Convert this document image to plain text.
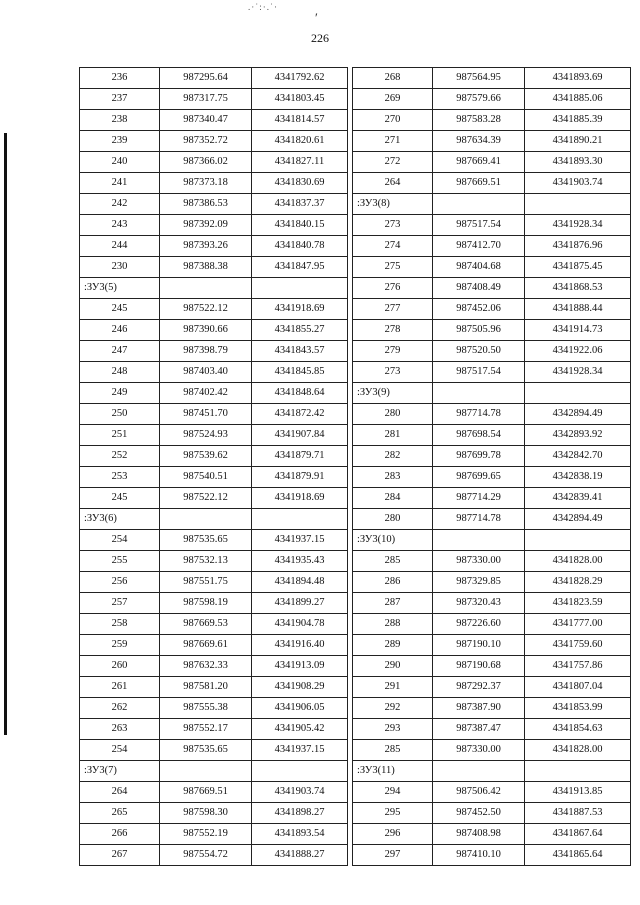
.·˙:·.˙·
ʹ
226
236	987295.64	4341792.62
237	987317.75	4341803.45
238	987340.47	4341814.57
239	987352.72	4341820.61
240	987366.02	4341827.11
241	987373.18	4341830.69
242	987386.53	4341837.37
243	987392.09	4341840.15
244	987393.26	4341840.78
230	987388.38	4341847.95
:ЗУ3(5)		
245	987522.12	4341918.69
246	987390.66	4341855.27
247	987398.79	4341843.57
248	987403.40	4341845.85
249	987402.42	4341848.64
250	987451.70	4341872.42
251	987524.93	4341907.84
252	987539.62	4341879.71
253	987540.51	4341879.91
245	987522.12	4341918.69
:ЗУ3(6)		
254	987535.65	4341937.15
255	987532.13	4341935.43
256	987551.75	4341894.48
257	987598.19	4341899.27
258	987669.53	4341904.78
259	987669.61	4341916.40
260	987632.33	4341913.09
261	987581.20	4341908.29
262	987555.38	4341906.05
263	987552.17	4341905.42
254	987535.65	4341937.15
:ЗУ3(7)		
264	987669.51	4341903.74
265	987598.30	4341898.27
266	987552.19	4341893.54
267	987554.72	4341888.27
268	987564.95	4341893.69
269	987579.66	4341885.06
270	987583.28	4341885.39
271	987634.39	4341890.21
272	987669.41	4341893.30
264	987669.51	4341903.74
:ЗУ3(8)		
273	987517.54	4341928.34
274	987412.70	4341876.96
275	987404.68	4341875.45
276	987408.49	4341868.53
277	987452.06	4341888.44
278	987505.96	4341914.73
279	987520.50	4341922.06
273	987517.54	4341928.34
:ЗУ3(9)		
280	987714.78	4342894.49
281	987698.54	4342893.92
282	987699.78	4342842.70
283	987699.65	4342838.19
284	987714.29	4342839.41
280	987714.78	4342894.49
:ЗУ3(10)		
285	987330.00	4341828.00
286	987329.85	4341828.29
287	987320.43	4341823.59
288	987226.60	4341777.00
289	987190.10	4341759.60
290	987190.68	4341757.86
291	987292.37	4341807.04
292	987387.90	4341853.99
293	987387.47	4341854.63
285	987330.00	4341828.00
:ЗУ3(11)		
294	987506.42	4341913.85
295	987452.50	4341887.53
296	987408.98	4341867.64
297	987410.10	4341865.64
